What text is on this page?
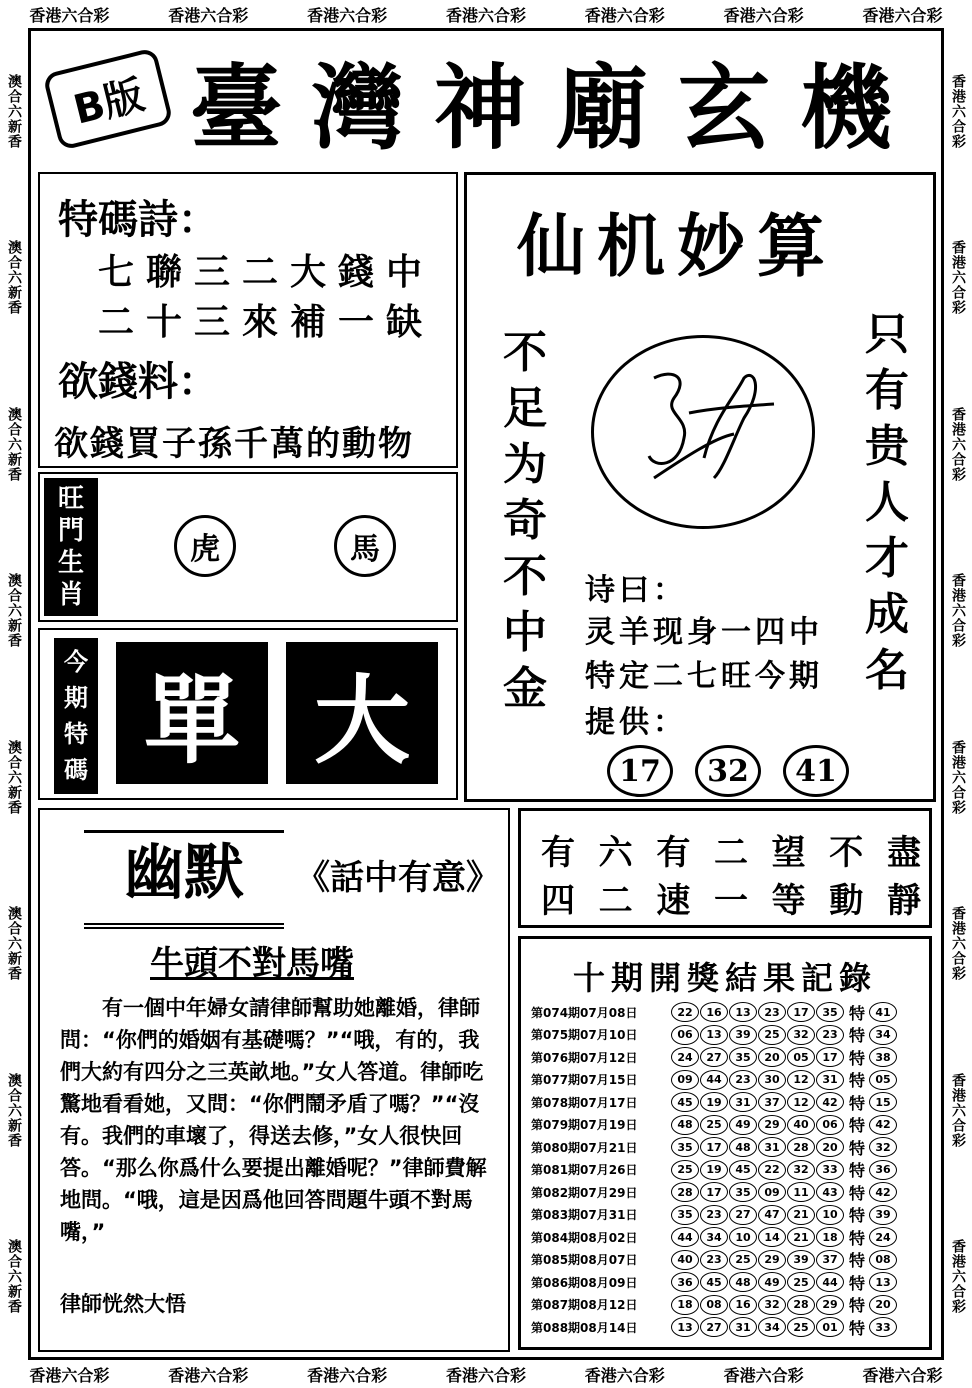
香港六合彩	香港六合彩	香港六合彩	香港六合彩	香港六合彩	香港六合彩	香港六合彩
香港六合彩	香港六合彩	香港六合彩	香港六合彩	香港六合彩	香港六合彩	香港六合彩
澳合六新香
澳合六新香
澳合六新香
澳合六新香
澳合六新香
澳合六新香
澳合六新香
澳合六新香
香港六合彩
香港六合彩
香港六合彩
香港六合彩
香港六合彩
香港六合彩
香港六合彩
香港六合彩
B版 臺灣神廟玄機
特碼詩：
七聯三二大錢中
二十三來補一缺
欲錢料：
欲錢買子孫千萬的動物
旺
門
生
肖
虎	馬
今
期
特
碼 單 大
仙机妙算
不
足
为
奇
不
中
金
只
有
贵
人
才
成
名
诗曰：
灵羊现身一四中
特定二七旺今期
提供：
17	32	41
幽默	《話中有意》
牛頭不對馬嘴
有一個中年婦女請律師幫助她離婚，律師問：“你們的婚姻有基礎嗎？”“哦，有的，我們大約有四分之三英畝地。”女人答道。律師吃驚地看看她，又問：“你們鬧矛盾了嗎？”“沒有。我們的車壞了，得送去修，”女人很快回答。“那么你爲什么要提出離婚呢？”律師費解地問。“哦，這是因爲他回答問題牛頭不對馬嘴，”
律師恍然大悟
有 六 有 二 望 不 盡
四 二 速 一 等 動 靜
十期開獎結果記錄
第074期07月08日	22	16	13	23	17	35 特 41
第075期07月10日	06	13	39	25	32	23 特 34
第076期07月12日	24	27	35	20	05	17 特 38
第077期07月15日	09	44	23	30	12	31 特 05
第078期07月17日	45	19	31	37	12	42 特 15
第079期07月19日	48	25	49	29	40	06 特 42
第080期07月21日	35	17	48	31	28	20 特 32
第081期07月26日	25	19	45	22	32	33 特 36
第082期07月29日	28	17	35	09	11	43 特 42
第083期07月31日	35	23	27	47	21	10 特 39
第084期08月02日	44	34	10	14	21	18 特 24
第085期08月07日	40	23	25	29	39	37 特 08
第086期08月09日	36	45	48	49	25	44 特 13
第087期08月12日	18	08	16	32	28	29 特 20
第088期08月14日	13	27	31	34	25	01 特 33
